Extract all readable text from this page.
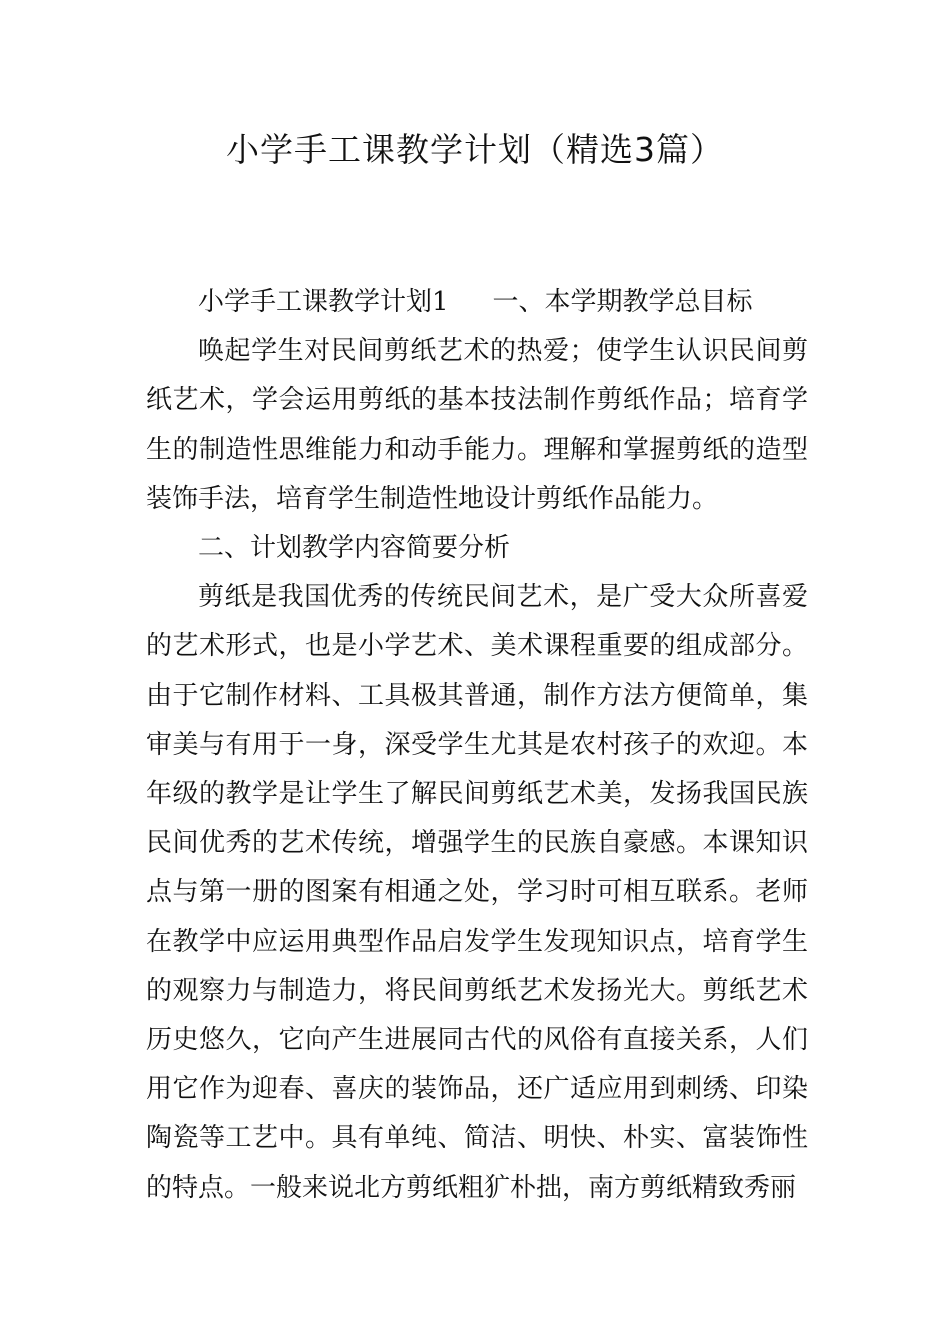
小学手工课教学计划（精选3篇）
小学手工课教学计划1 一、本学期教学总目标
唤起学生对民间剪纸艺术的热爱；使学生认识民间剪
纸艺术，学会运用剪纸的基本技法制作剪纸作品；培育学
生的制造性思维能力和动手能力。理解和掌握剪纸的造型
装饰手法，培育学生制造性地设计剪纸作品能力。
二、计划教学内容简要分析
剪纸是我国优秀的传统民间艺术，是广受大众所喜爱
的艺术形式，也是小学艺术、美术课程重要的组成部分。
由于它制作材料、工具极其普通，制作方法方便简单，集
审美与有用于一身，深受学生尤其是农村孩子的欢迎。本
年级的教学是让学生了解民间剪纸艺术美，发扬我国民族
民间优秀的艺术传统，增强学生的民族自豪感。本课知识
点与第一册的图案有相通之处，学习时可相互联系。老师
在教学中应运用典型作品启发学生发现知识点，培育学生
的观察力与制造力，将民间剪纸艺术发扬光大。剪纸艺术
历史悠久，它向产生进展同古代的风俗有直接关系，人们
用它作为迎春、喜庆的装饰品，还广适应用到刺绣、印染
陶瓷等工艺中。具有单纯、简洁、明快、朴实、富装饰性
的特点。一般来说北方剪纸粗犷朴拙，南方剪纸精致秀丽
